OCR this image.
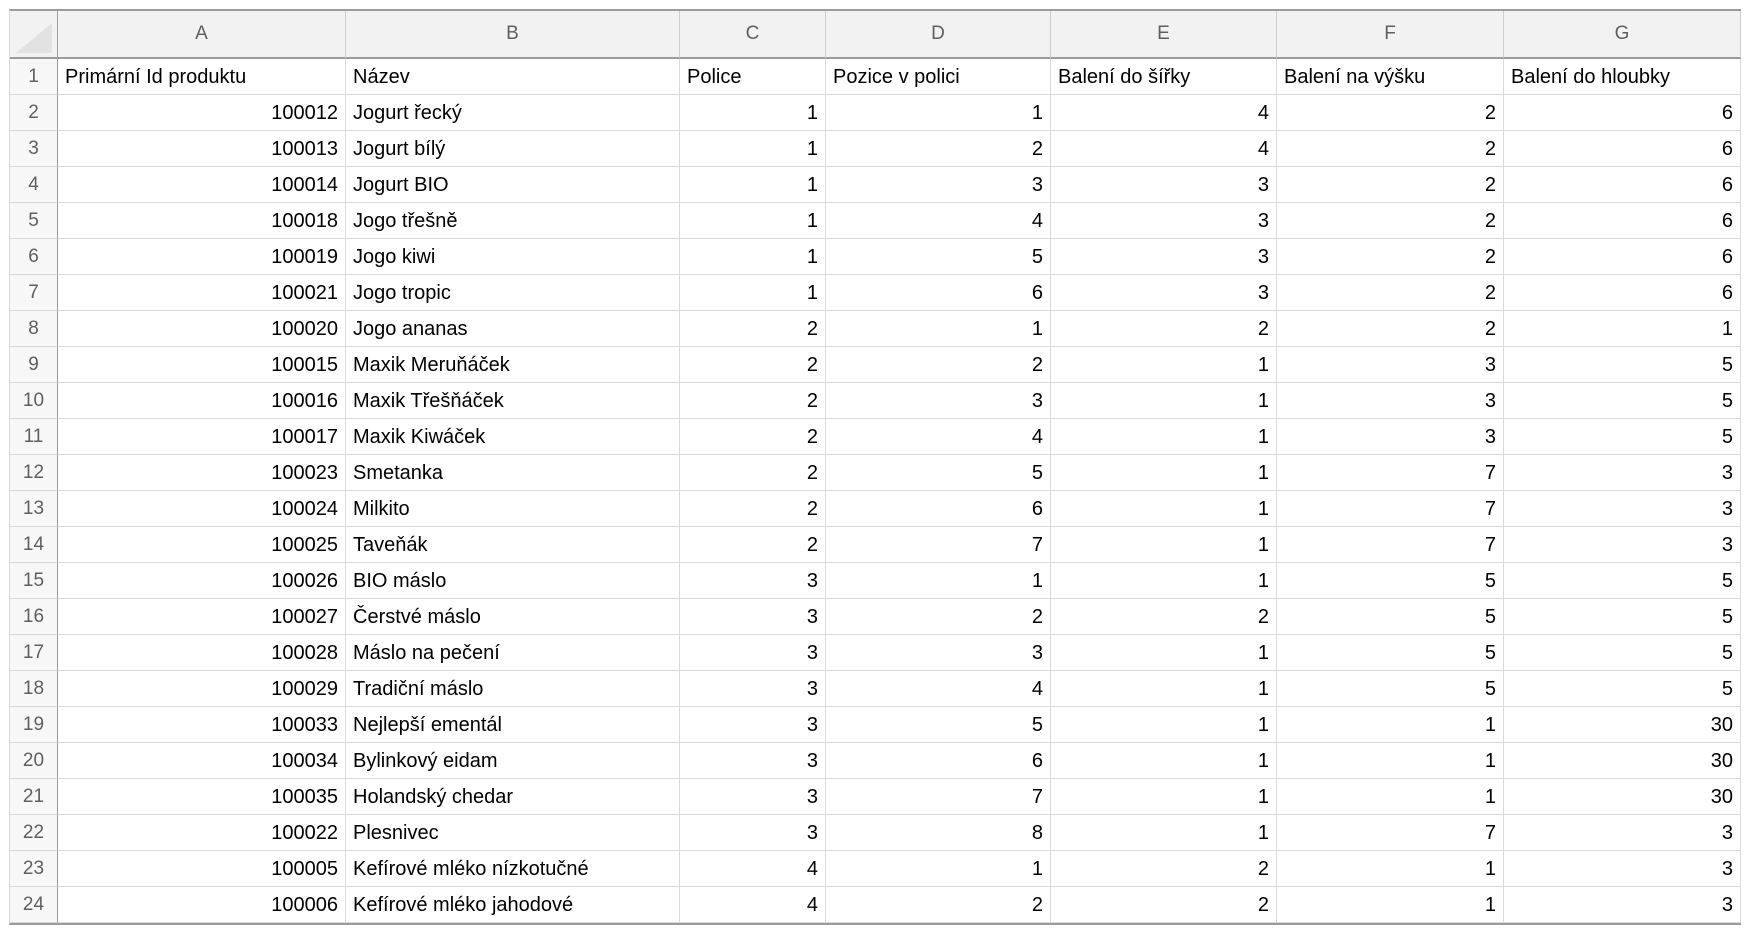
A	B	C	D	E	F	G
1	Primární Id produktu	Název	Police	Pozice v polici	Balení do šířky	Balení na výšku	Balení do hloubky
2	100012 Jogurt řecký	1	1	4	2	6
3	100013 Jogurt bílý	1	2	4	2	6
4	100014 Jogurt BIO	1	3	3	2	6
5	100018 Jogo třešně	1	4	3	2	6
6	100019 Jogo kiwi	1	5	3	2	6
7	100021 Jogo tropic	1	6	3	2	6
8	100020 Jogo ananas	2	1	2	2	1
9	100015 Maxik Meruňáček	2	2	1	3	5
10	100016 Maxik Třešňáček	2	3	1	3	5
11	100017 Maxik Kiwáček	2	4	1	3	5
12	100023 Smetanka	2	5	1	7	3
13	100024 Milkito	2	6	1	7	3
14	100025 Taveňák	2	7	1	7	3
15	100026 BIO máslo	3	1	1	5	5
16	100027 Čerstvé máslo	3	2	2	5	5
17	100028 Máslo na pečení	3	3	1	5	5
18	100029 Tradiční máslo	3	4	1	5	5
19	100033 Nejlepší ementál	3	5	1	1	30
20	100034 Bylinkový eidam	3	6	1	1	30
21	100035 Holandský chedar	3	7	1	1	30
22	100022 Plesnivec	3	8	1	7	3
23	100005 Kefírové mléko nízkotučné	4	1	2	1	3
24	100006 Kefírové mléko jahodové	4	2	2	1	3
